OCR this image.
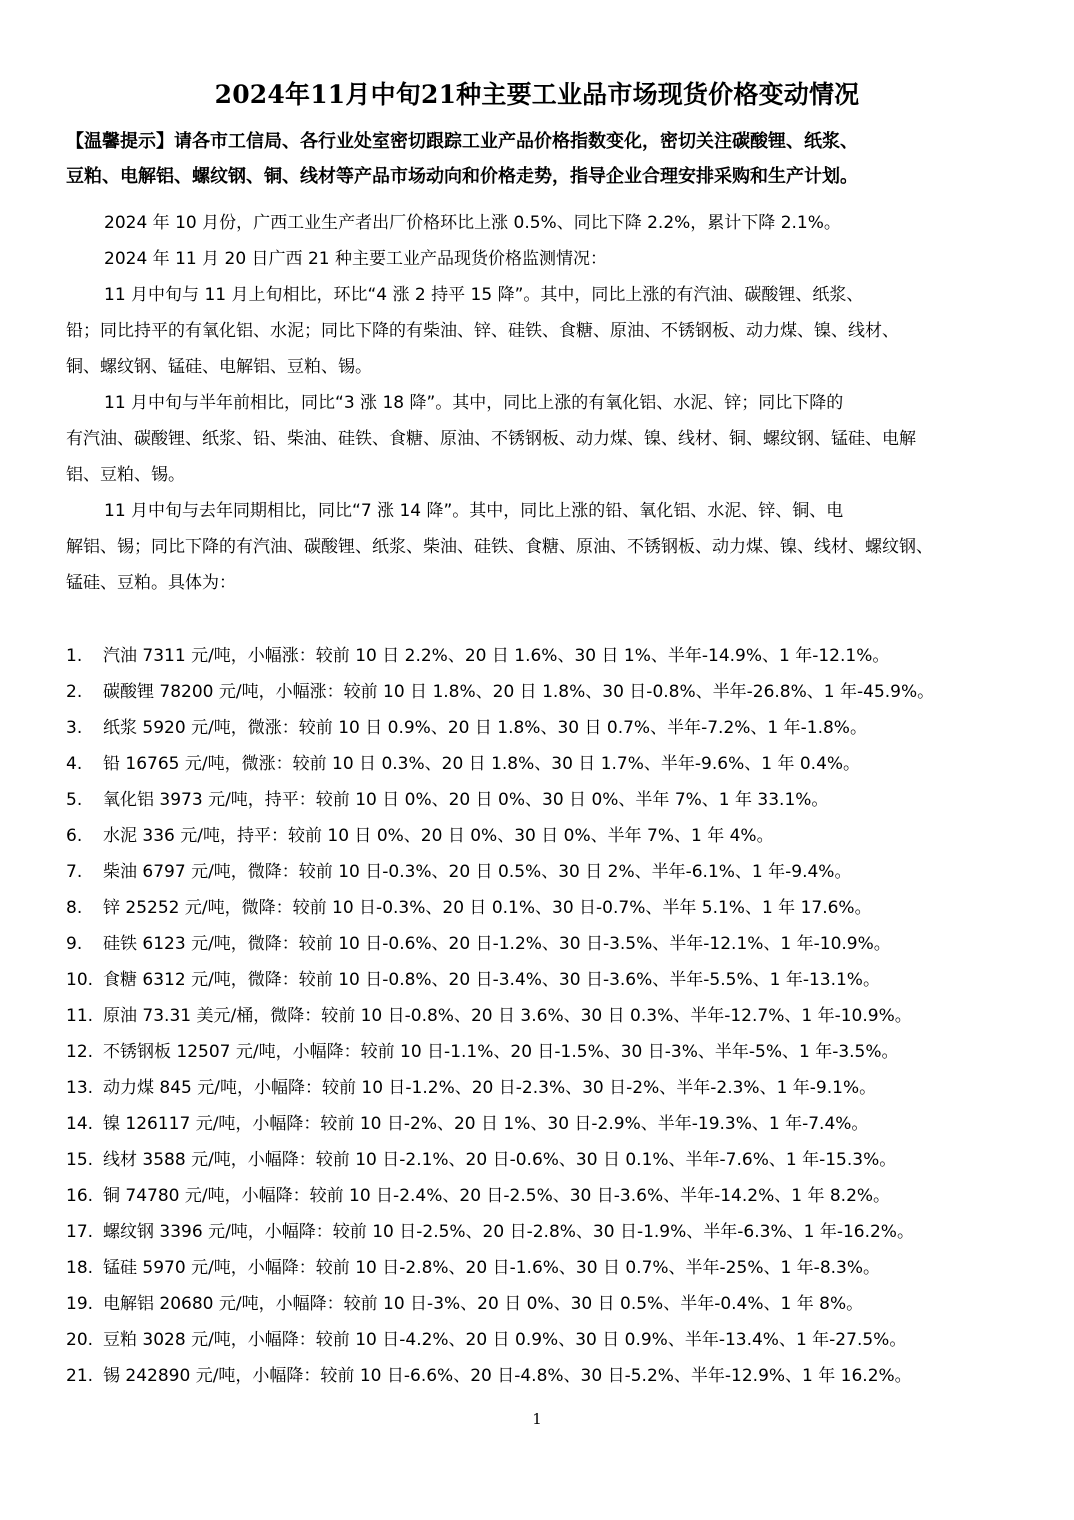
2024年11月中旬21种主要工业品市场现货价格变动情况
【温馨提示】请各市工信局、各行业处室密切跟踪工业产品价格指数变化，密切关注碳酸锂、纸浆、
豆粕、电解铝、螺纹钢、铜、线材等产品市场动向和价格走势，指导企业合理安排采购和生产计划。
2024 年 10 月份，广西工业生产者出厂价格环比上涨 0.5%、同比下降 2.2%，累计下降 2.1%。
2024 年 11 月 20 日广西 21 种主要工业产品现货价格监测情况：
11 月中旬与 11 月上旬相比，环比“4 涨 2 持平 15 降”。其中，同比上涨的有汽油、碳酸锂、纸浆、
铅；同比持平的有氧化铝、水泥；同比下降的有柴油、锌、硅铁、食糖、原油、不锈钢板、动力煤、镍、线材、
铜、螺纹钢、锰硅、电解铝、豆粕、锡。
11 月中旬与半年前相比，同比“3 涨 18 降”。其中，同比上涨的有氧化铝、水泥、锌；同比下降的
有汽油、碳酸锂、纸浆、铅、柴油、硅铁、食糖、原油、不锈钢板、动力煤、镍、线材、铜、螺纹钢、锰硅、电解
铝、豆粕、锡。
11 月中旬与去年同期相比，同比“7 涨 14 降”。其中，同比上涨的铅、氧化铝、水泥、锌、铜、电
解铝、锡；同比下降的有汽油、碳酸锂、纸浆、柴油、硅铁、食糖、原油、不锈钢板、动力煤、镍、线材、螺纹钢、
锰硅、豆粕。具体为：
1. 汽油 7311 元/吨，小幅涨：较前 10 日 2.2%、20 日 1.6%、30 日 1%、半年-14.9%、1 年-12.1%。
2. 碳酸锂 78200 元/吨，小幅涨：较前 10 日 1.8%、20 日 1.8%、30 日-0.8%、半年-26.8%、1 年-45.9%。
3. 纸浆 5920 元/吨，微涨：较前 10 日 0.9%、20 日 1.8%、30 日 0.7%、半年-7.2%、1 年-1.8%。
4. 铅 16765 元/吨，微涨：较前 10 日 0.3%、20 日 1.8%、30 日 1.7%、半年-9.6%、1 年 0.4%。
5. 氧化铝 3973 元/吨，持平：较前 10 日 0%、20 日 0%、30 日 0%、半年 7%、1 年 33.1%。
6. 水泥 336 元/吨，持平：较前 10 日 0%、20 日 0%、30 日 0%、半年 7%、1 年 4%。
7. 柴油 6797 元/吨，微降：较前 10 日-0.3%、20 日 0.5%、30 日 2%、半年-6.1%、1 年-9.4%。
8. 锌 25252 元/吨，微降：较前 10 日-0.3%、20 日 0.1%、30 日-0.7%、半年 5.1%、1 年 17.6%。
9. 硅铁 6123 元/吨，微降：较前 10 日-0.6%、20 日-1.2%、30 日-3.5%、半年-12.1%、1 年-10.9%。
10. 食糖 6312 元/吨，微降：较前 10 日-0.8%、20 日-3.4%、30 日-3.6%、半年-5.5%、1 年-13.1%。
11. 原油 73.31 美元/桶，微降：较前 10 日-0.8%、20 日 3.6%、30 日 0.3%、半年-12.7%、1 年-10.9%。
12. 不锈钢板 12507 元/吨，小幅降：较前 10 日-1.1%、20 日-1.5%、30 日-3%、半年-5%、1 年-3.5%。
13. 动力煤 845 元/吨，小幅降：较前 10 日-1.2%、20 日-2.3%、30 日-2%、半年-2.3%、1 年-9.1%。
14. 镍 126117 元/吨，小幅降：较前 10 日-2%、20 日 1%、30 日-2.9%、半年-19.3%、1 年-7.4%。
15. 线材 3588 元/吨，小幅降：较前 10 日-2.1%、20 日-0.6%、30 日 0.1%、半年-7.6%、1 年-15.3%。
16. 铜 74780 元/吨，小幅降：较前 10 日-2.4%、20 日-2.5%、30 日-3.6%、半年-14.2%、1 年 8.2%。
17. 螺纹钢 3396 元/吨，小幅降：较前 10 日-2.5%、20 日-2.8%、30 日-1.9%、半年-6.3%、1 年-16.2%。
18. 锰硅 5970 元/吨，小幅降：较前 10 日-2.8%、20 日-1.6%、30 日 0.7%、半年-25%、1 年-8.3%。
19. 电解铝 20680 元/吨，小幅降：较前 10 日-3%、20 日 0%、30 日 0.5%、半年-0.4%、1 年 8%。
20. 豆粕 3028 元/吨，小幅降：较前 10 日-4.2%、20 日 0.9%、30 日 0.9%、半年-13.4%、1 年-27.5%。
21. 锡 242890 元/吨，小幅降：较前 10 日-6.6%、20 日-4.8%、30 日-5.2%、半年-12.9%、1 年 16.2%。
1
